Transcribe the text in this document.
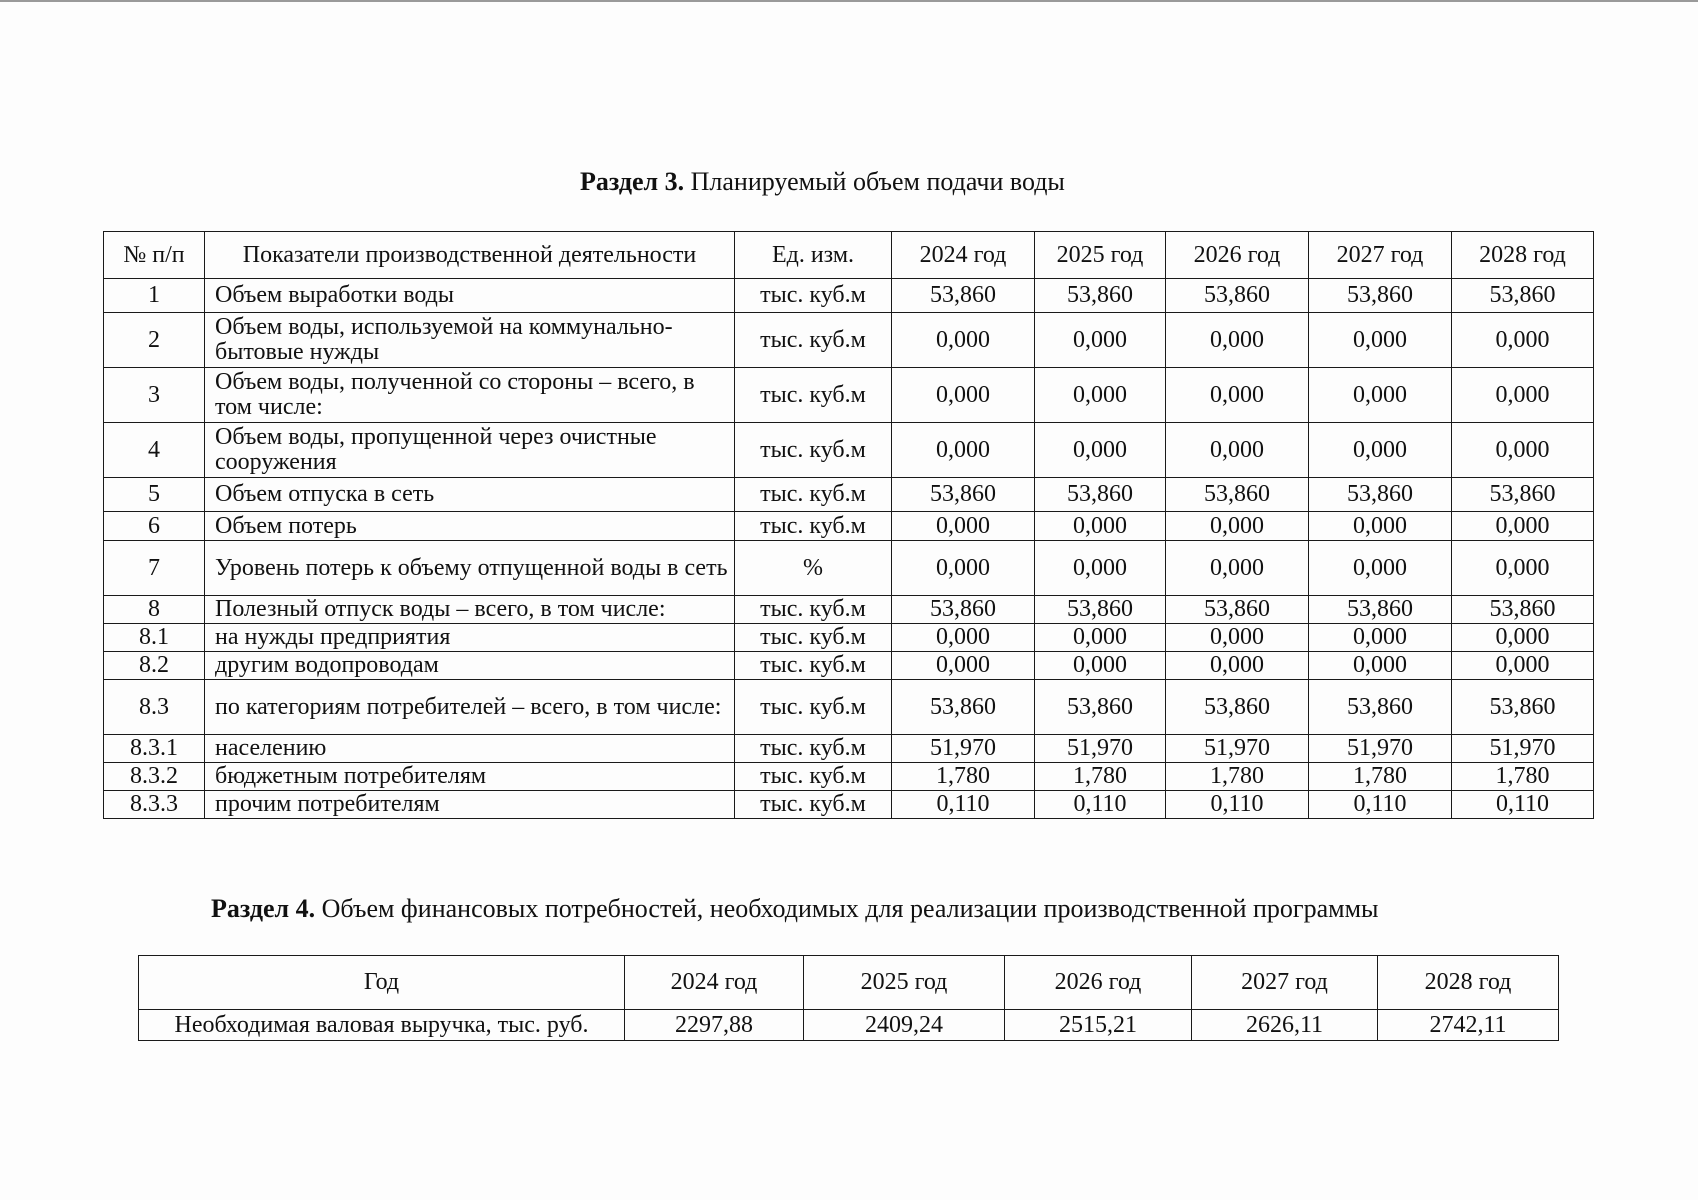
Раздел 3. Планируемый объем подачи воды
№ п/п	Показатели производственной деятельности	Ед. изм.	2024 год	2025 год	2026 год	2027 год	2028 год
1	Объем выработки воды	тыс. куб.м	53,860	53,860	53,860	53,860	53,860
2	Объем воды, используемой на коммунально-бытовые нужды	тыс. куб.м	0,000	0,000	0,000	0,000	0,000
3	Объем воды, полученной со стороны – всего, в том числе:	тыс. куб.м	0,000	0,000	0,000	0,000	0,000
4	Объем воды, пропущенной через очистные сооружения	тыс. куб.м	0,000	0,000	0,000	0,000	0,000
5	Объем отпуска в сеть	тыс. куб.м	53,860	53,860	53,860	53,860	53,860
6	Объем потерь	тыс. куб.м	0,000	0,000	0,000	0,000	0,000
7	Уровень потерь к объему отпущенной воды в сеть	%	0,000	0,000	0,000	0,000	0,000
8	Полезный отпуск воды – всего, в том числе:	тыс. куб.м	53,860	53,860	53,860	53,860	53,860
8.1	на нужды предприятия	тыс. куб.м	0,000	0,000	0,000	0,000	0,000
8.2	другим водопроводам	тыс. куб.м	0,000	0,000	0,000	0,000	0,000
8.3	по категориям потребителей – всего, в том числе:	тыс. куб.м	53,860	53,860	53,860	53,860	53,860
8.3.1	населению	тыс. куб.м	51,970	51,970	51,970	51,970	51,970
8.3.2	бюджетным потребителям	тыс. куб.м	1,780	1,780	1,780	1,780	1,780
8.3.3	прочим потребителям	тыс. куб.м	0,110	0,110	0,110	0,110	0,110
Раздел 4. Объем финансовых потребностей, необходимых для реализации производственной программы
Год	2024 год	2025 год	2026 год	2027 год	2028 год
Необходимая валовая выручка, тыс. руб.	2297,88	2409,24	2515,21	2626,11	2742,11
